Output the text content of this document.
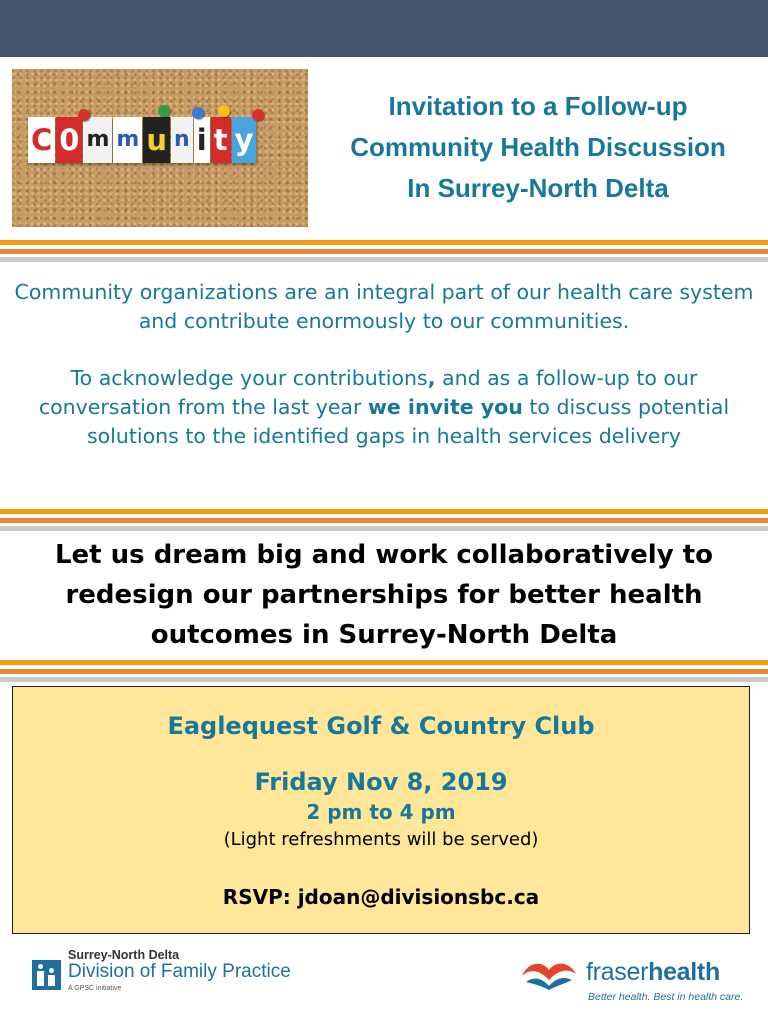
C 0 m m u n i t y
Invitation to a Follow-up
Community Health Discussion
In Surrey-North Delta

Community organizations are an integral part of our health care system and contribute enormously to our communities.

To acknowledge your contributions, and as a follow-up to our conversation from the last year we invite you to discuss potential solutions to the identified gaps in health services delivery

Let us dream big and work collaboratively to redesign our partnerships for better health outcomes in Surrey-North Delta
Eaglequest Golf & Country Club
Friday Nov 8, 2019
2 pm to 4 pm
(Light refreshments will be served)
RSVP: jdoan@divisionsbc.ca
Surrey-North Delta
Division of Family Practice
A GPSC initiative
fraserhealth
Better health. Best in health care.
